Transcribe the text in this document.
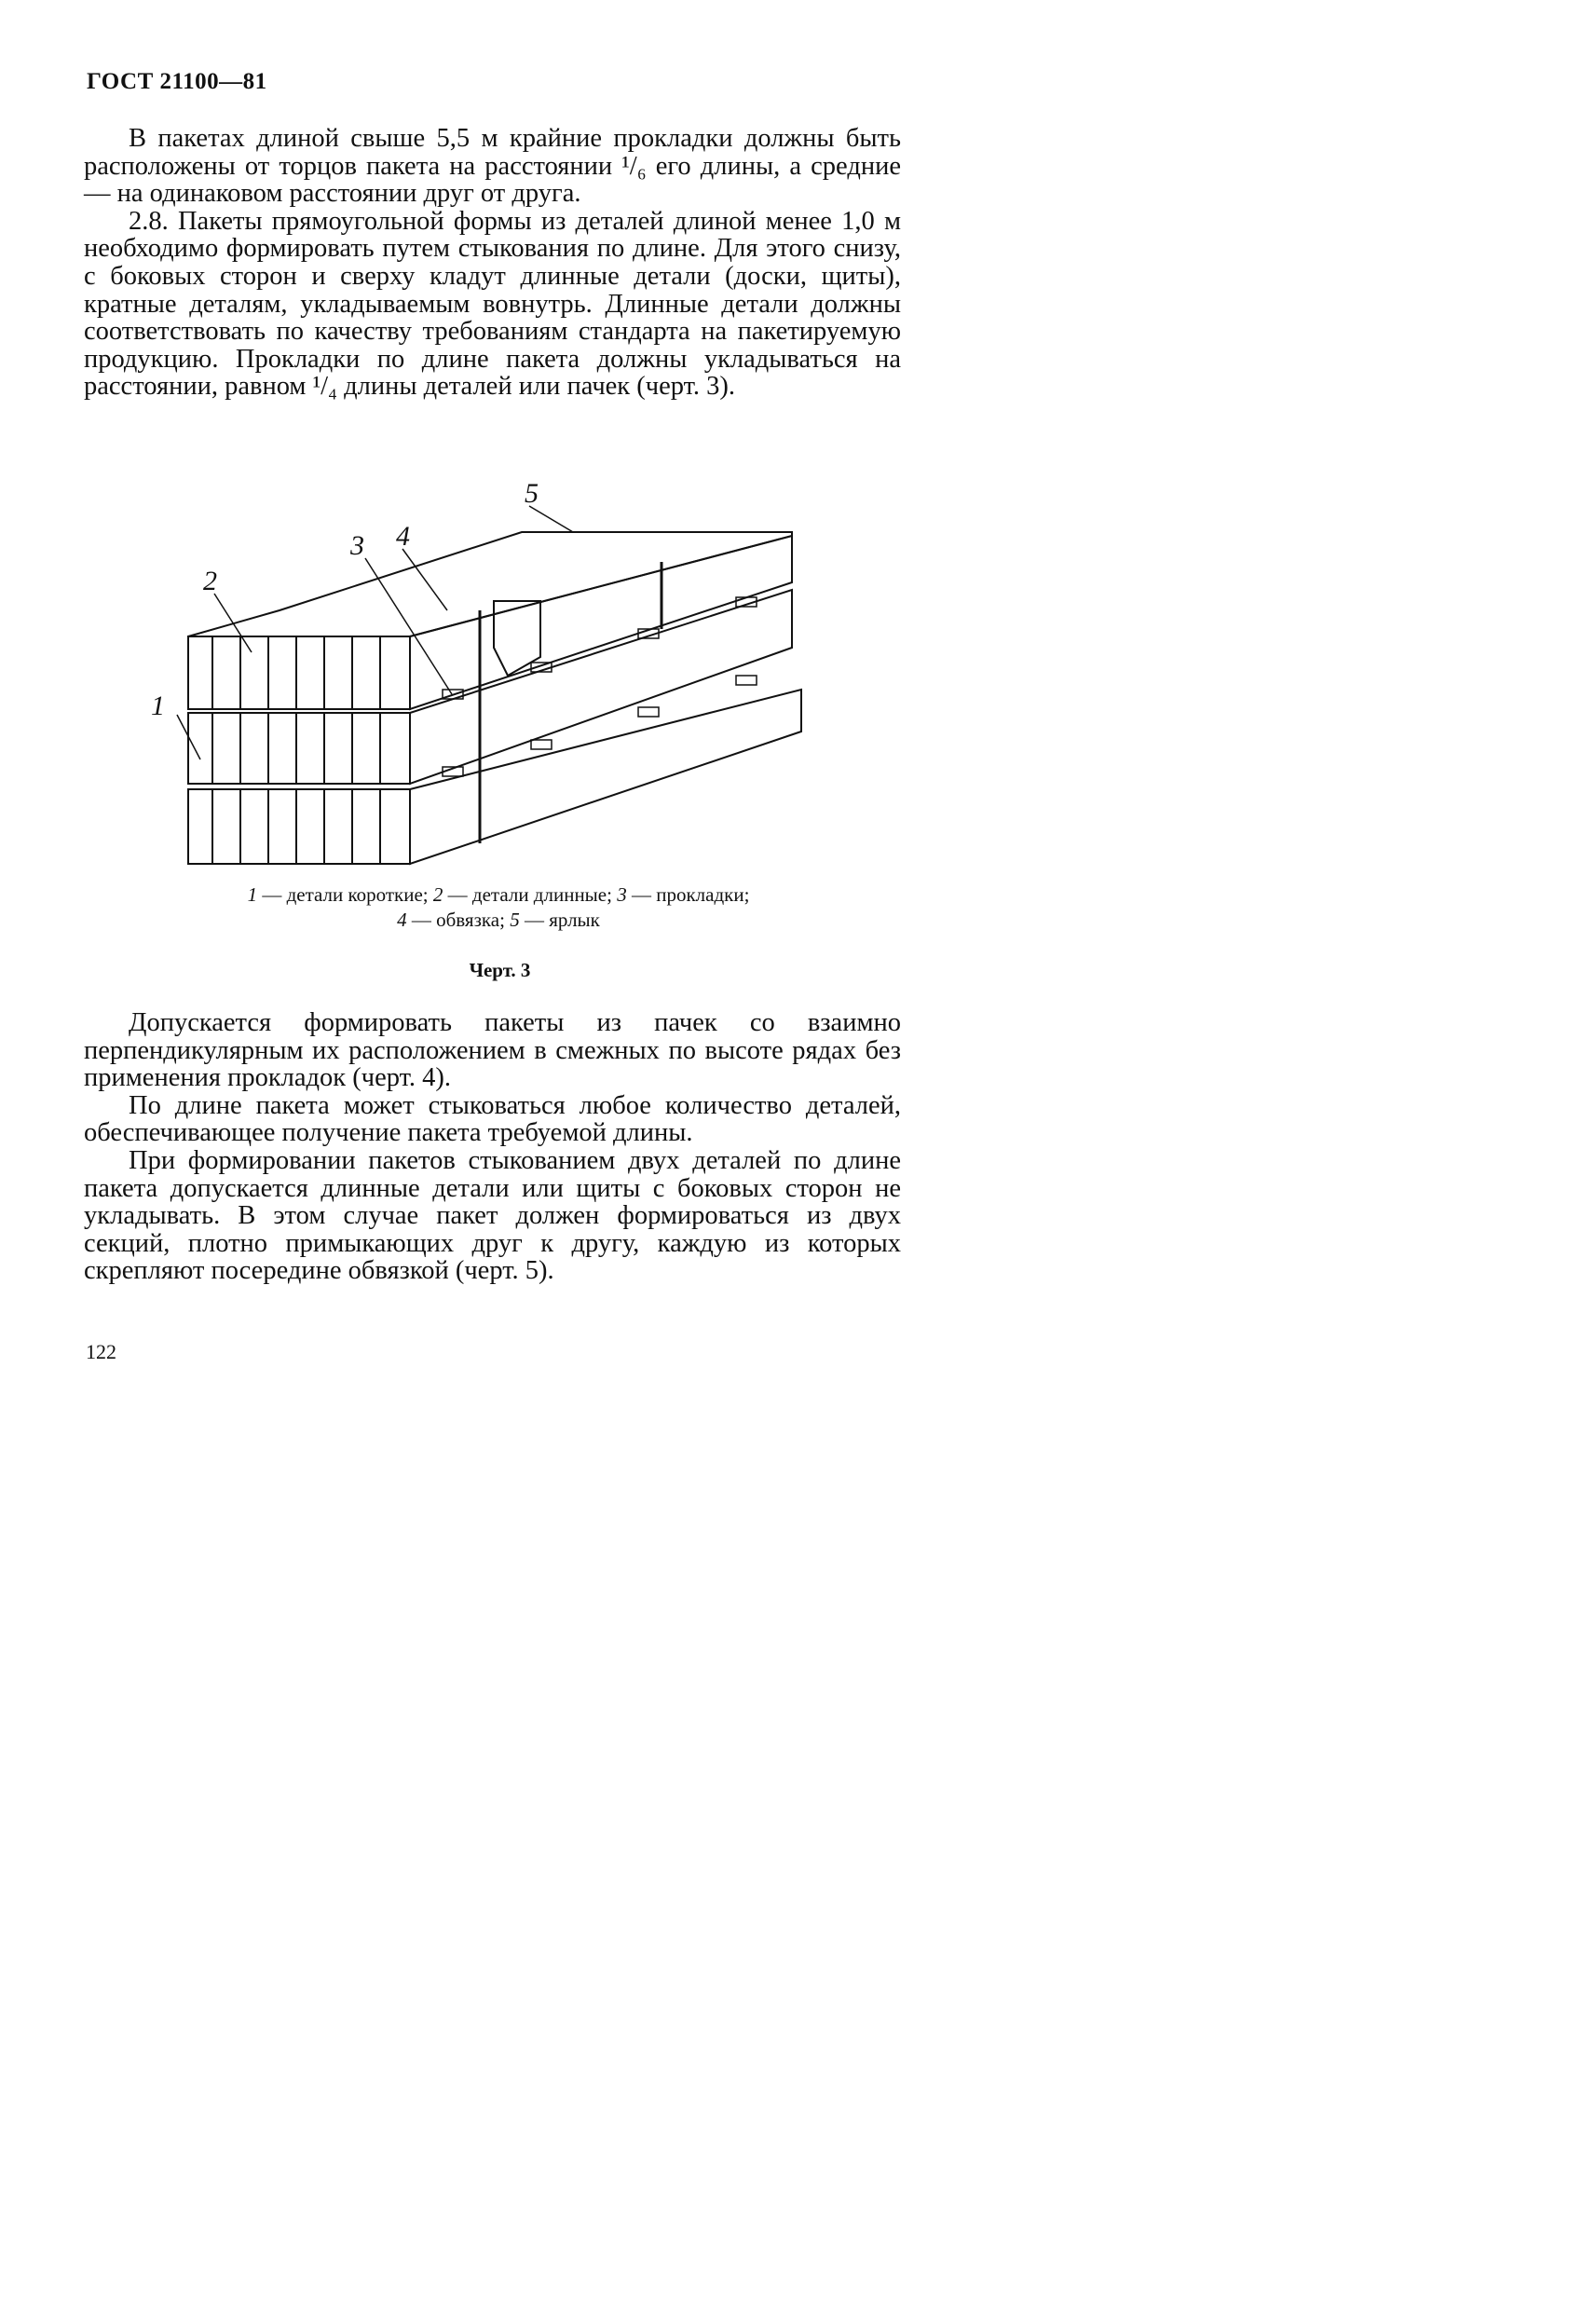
ГОСТ 21100—81

В пакетах длиной свыше 5,5 м крайние прокладки должны быть расположены от торцов пакета на расстоянии ¹/₆ его длины, а средние — на одинаковом расстоянии друг от друга.

2.8. Пакеты прямоугольной формы из деталей длиной менее 1,0 м необходимо формировать путем стыкования по длине. Для этого снизу, с боковых сторон и сверху кладут длинные детали (доски, щиты), кратные деталям, укладываемым вовнутрь. Длинные детали должны соответствовать по качеству требованиям стандарта на пакетируемую продукцию. Прокладки по длине пакета должны укладываться на расстоянии, равном ¹/₄ длины деталей или пачек (черт. 3).

1
2
3 4
5
1 — детали короткие; 2 — детали длинные; 3 — прокладки;
4 — обвязка; 5 — ярлык
Черт. 3

Допускается формировать пакеты из пачек со взаимно перпендикулярным их расположением в смежных по высоте рядах без применения прокладок (черт. 4).

По длине пакета может стыковаться любое количество деталей, обеспечивающее получение пакета требуемой длины.

При формировании пакетов стыкованием двух деталей по длине пакета допускается длинные детали или щиты с боковых сторон не укладывать. В этом случае пакет должен формироваться из двух секций, плотно примыкающих друг к другу, каждую из которых скрепляют посередине обвязкой (черт. 5).

122
